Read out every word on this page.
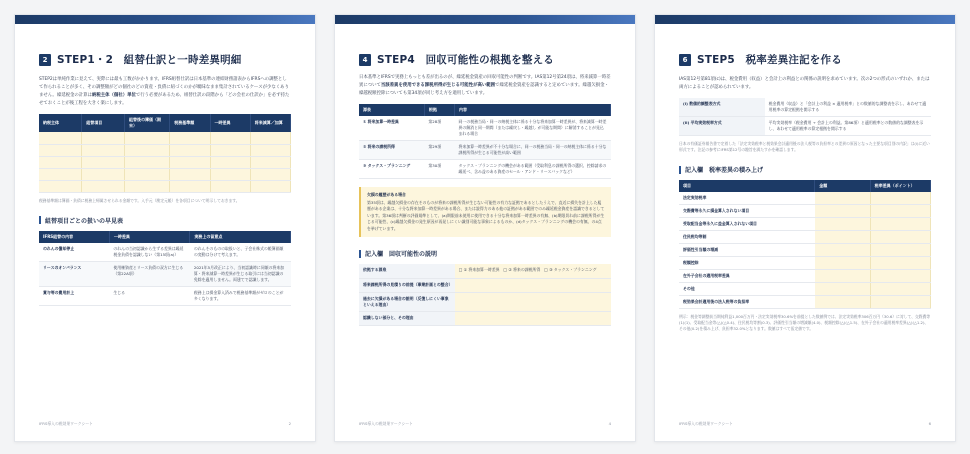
2 STEP1・2　組替仕訳と一時差異明細
STEP2は単純作業に見えて、実際には最も工数がかかります。IFRS組替仕訳は日本基準の連結財務諸表からIFRSへの調整として作られることが多く、その調整額がどの個社のどの資産・負債に紐づくのかが曖昧なまま集計されているケースが少なくありません。繰延税金の計算は納税主体（個社）単位で行う必要があるため、組替仕訳の段階から「どの会社の仕訳か」を必ず持たせておくことが後工程を大きく楽にします。
納税主体	組替項目	組替後の簿価（期末）	税務基準額	一時差異	将来減算／加算

税務基準額は簿価・負債に税務上帰属させられる金額です。入手元（勘定元帳）を各項目について明示しておきます。
組替項目ごとの扱いの早見表
IFRS組替の内容	一時差異	実務上の留意点
のれんの償却停止	のれんの当初認識から生ずる差異は繰延税金負債を認識しない（第15項(a)）	のれんそのものの取扱いと、子会社株式の帳簿価額の変動は分けて考えます。
リースのオンバランス	使用権資産とリース負債の双方に生じる（第22A項）	2021年5月改正により、当初認識時に同額の将来加算・将来減算一時差異が生じる取引には当初認識の免除を適用しません。両建てで認識します。
賞与等の費用計上	生じる	税務上は損金算入済みで税務基準額がゼロのことが多くなります。
IFRS導入の税効果ワークシート	2
4 STEP4　回収可能性の根拠を整える
日本基準とIFRSで実務上もっとも差が出るのが、繰延税金資産の回収可能性の判断です。IAS第12号第24項は、将来減算一時差異について当該差異を使用できる課税所得が生じる可能性が高い範囲で繰延税金資産を認識すると定めています。繰越欠損金・繰越税額控除についても第34項が同じ考え方を適用しています。
源泉	根拠	内容
① 将来加算一時差異	第28項	同一の税務当局・同一の納税主体に係る十分な将来加算一時差異が、将来減算一時差異の解消と同一期間（または繰戻し・繰越し が可能な期間）に解消することが見込まれる場合
② 将来の課税所得	第29項	将来加算一時差異が不十分な場合に、同一の税務当局・同一の納税主体に係る十分な課税所得が生じる可能性が高い範囲
③ タックス・プランニング	第30項	タックス・プランニングの機会がある範囲（受取利息の課税所得の選択、控除請求の繰延べ、含み益のある資産のセール・アンド・リースバックなど）
欠損の履歴がある場合
第35項は、繰越欠損金の存在そのものが将来の課税所得が生じない可能性の有力な証拠であるとしたうえで、直近に損失を計上した履歴がある企業は、十分な将来加算一時差異がある場合、または説得力のある他の証拠がある範囲でのみ繰延税金資産を認識できるとしています。第36項は判断の評価規準として、(a)期限前未使用に使用できる十分な将来加算一時差異の有無、(b)期限切れ前に課税所得が生じる可能性、(c)繰越欠損金の発生原因が再発しにくい識別可能な事象によるものか、(d)タックス・プランニングの機会の有無、の4点を挙げています。
記入欄　回収可能性の説明
依拠する源泉	□ ① 将来加算一時差異　□ ② 将来の課税所得　□ ③ タックス・プランニング
将来課税所得の見積りの前提（事業計画との整合）	
過去に欠損がある場合の説明（反復しにくい事象といえる理由）	
認識しない部分と、その理由	
IFRS導入の税効果ワークシート	4
6 STEP5　税率差異注記を作る
IAS第12号第81項(c)は、税金費用（収益）と会計上の利益との関係の説明を求めています。次の2つの形式のいずれか、または両方によることが認められています。
(i) 数値的調整表方式	税金費用（収益）と「会計上の利益 × 適用税率」との数値的な調整表を示し、あわせて適用税率の算定根拠を開示する
(ii) 平均実効税率方式	平均実効税率（税金費用 ÷ 会計上の利益。第86項）と適用税率との数値的な調整表を示し、あわせて適用税率の算定根拠を開示する
日本の有価証券報告書で定着した「法定実効税率と税効果会計適用後の法人税等の負担率との差異の原因となった主要な項目別の内訳」は(i)に近い形式です。注記の参考にIFRS第12号の趣旨を満たすかを確認します。
記入欄　税率差異の積み上げ
項目	金額	税率差異（ポイント）
法定実効税率		
交際費等永久に損金算入されない項目		
受取配当金等永久に益金算入されない項目		
住民税均等割		
評価性引当額の増減		
税額控除		
在外子会社の適用税率差異		
その他		
税効果会計適用後の法人税等の負担率		
例示：税金等調整前当期純利益1,000百万円・法定実効税率30.6%を前提とした数値例では、法定実効税率306百万円（30.6）に対して、交際費等(1)(1)、受取配当金等(△)(△0.4)、住民税均等割(0.3)、評価性引当額の増減額(4.0)、税額控除(△)(△1.5)、在外子会社の適用税率差異(△)(△1.2)、その他(0.2)を積み上げ、負担率32.0%となります。数値はすべて仮定値です。
IFRS導入の税効果ワークシート	6
